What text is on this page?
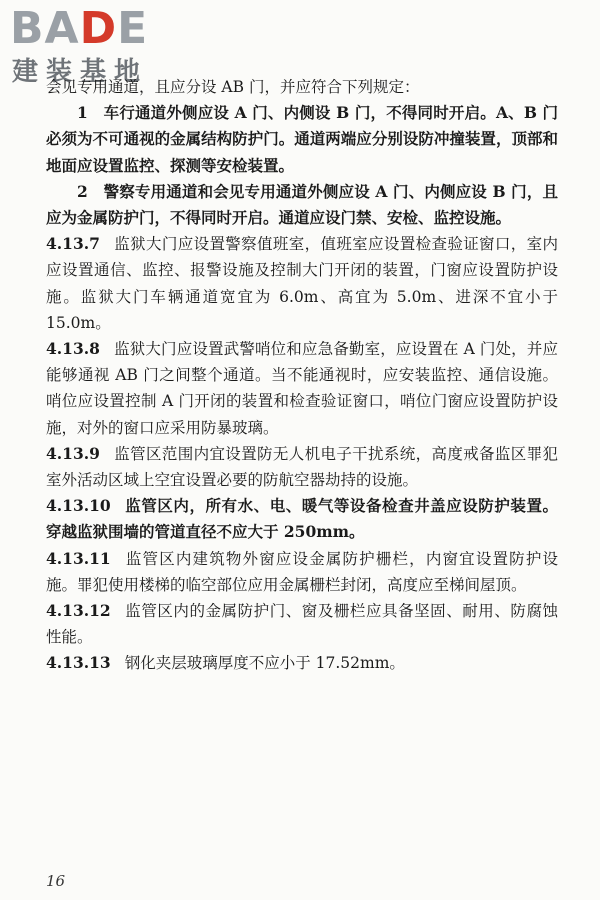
BADE
建装基地

会见专用通道，且应分设 AB 门，并应符合下列规定：

1　车行通道外侧应设 A 门、内侧设 B 门，不得同时开启。A、B 门必须为不可通视的金属结构防护门。通道两端应分别设防冲撞装置，顶部和地面应设置监控、探测等安检装置。

2　警察专用通道和会见专用通道外侧应设 A 门、内侧应设 B 门，且应为金属防护门，不得同时开启。通道应设门禁、安检、监控设施。

4.13.7 监狱大门应设置警察值班室，值班室应设置检查验证窗口，室内应设置通信、监控、报警设施及控制大门开闭的装置，门窗应设置防护设施。监狱大门车辆通道宽宜为 6.0m、高宜为 5.0m、进深不宜小于 15.0m。

4.13.8 监狱大门应设置武警哨位和应急备勤室，应设置在 A 门处，并应能够通视 AB 门之间整个通道。当不能通视时，应安装监控、通信设施。哨位应设置控制 A 门开闭的装置和检查验证窗口，哨位门窗应设置防护设施，对外的窗口应采用防暴玻璃。

4.13.9 监管区范围内宜设置防无人机电子干扰系统，高度戒备监区罪犯室外活动区域上空宜设置必要的防航空器劫持的设施。

4.13.10 监管区内，所有水、电、暖气等设备检查井盖应设防护装置。穿越监狱围墙的管道直径不应大于 250mm。

4.13.11 监管区内建筑物外窗应设金属防护栅栏，内窗宜设置防护设施。罪犯使用楼梯的临空部位应用金属栅栏封闭，高度应至梯间屋顶。

4.13.12 监管区内的金属防护门、窗及栅栏应具备坚固、耐用、防腐蚀性能。

4.13.13 钢化夹层玻璃厚度不应小于 17.52mm。

16
